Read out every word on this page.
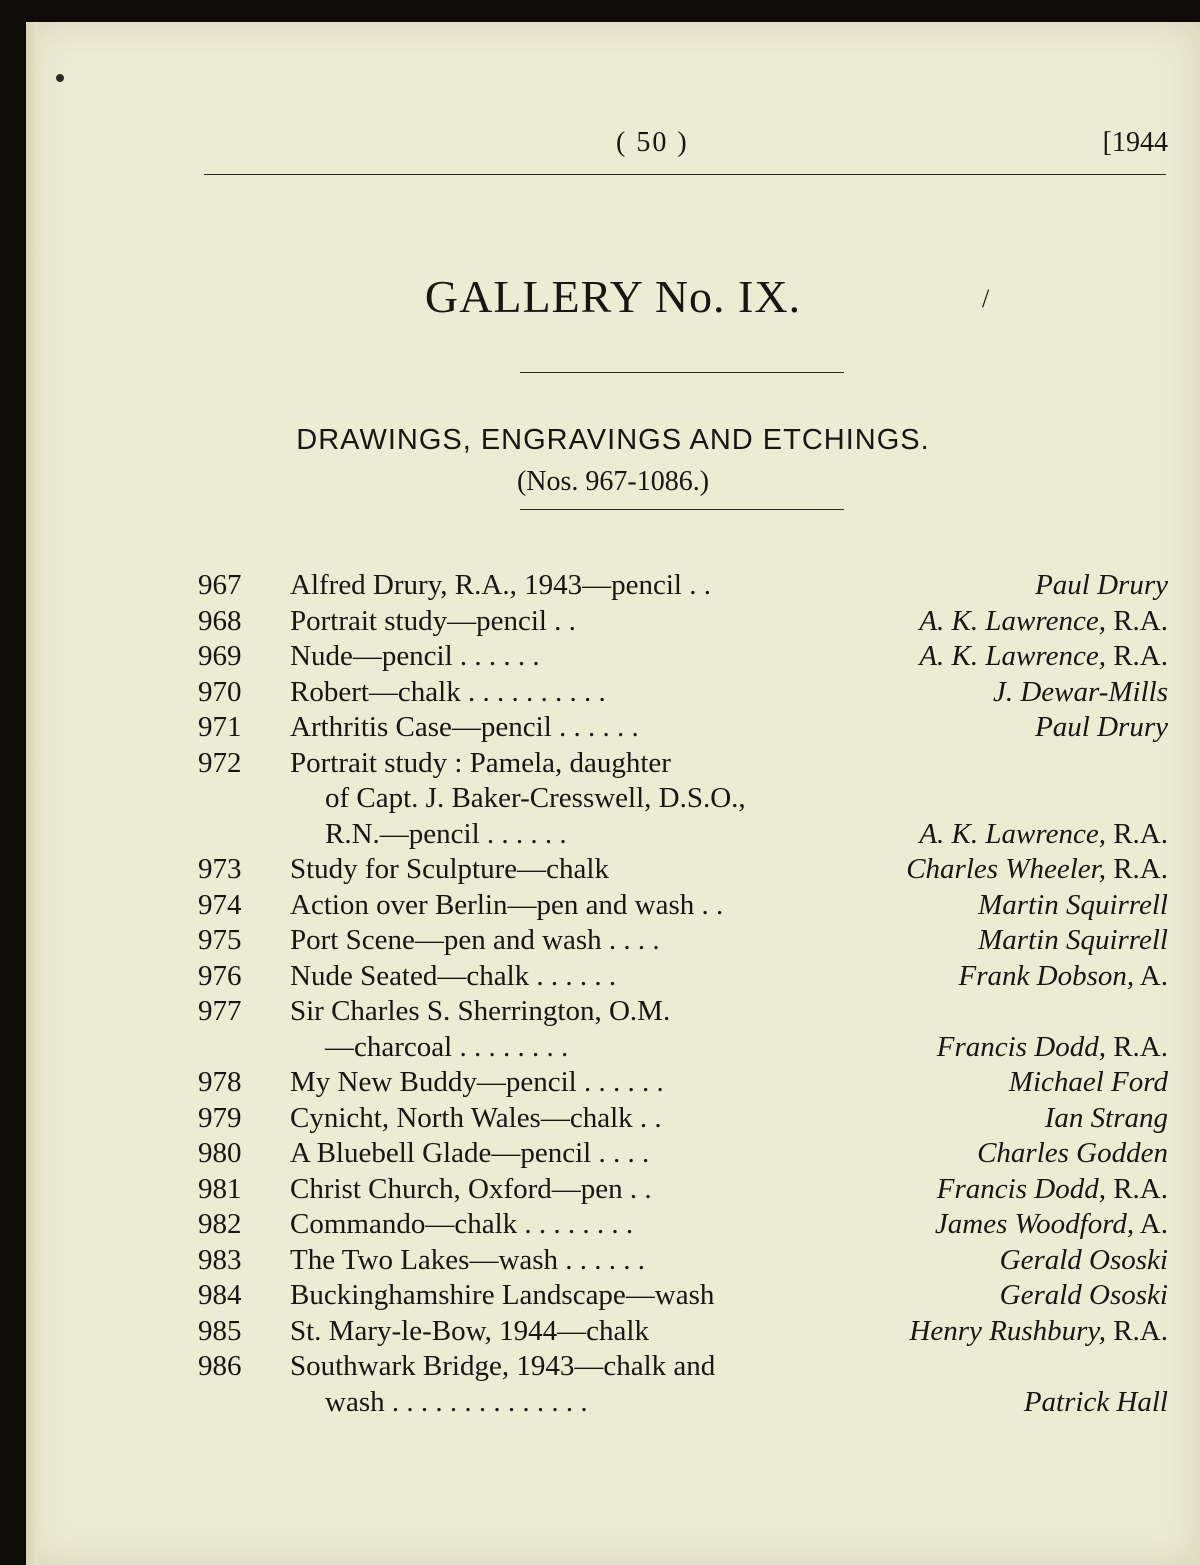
( 50 )	[1944
GALLERY No. IX.	/
DRAWINGS, ENGRAVINGS AND ETCHINGS.
(Nos. 967-1086.)
967 Alfred Drury, R.A., 1943—pencil . .	Paul Drury
968 Portrait study—pencil . .	A. K. Lawrence, R.A.
969 Nude—pencil . . . . . .	A. K. Lawrence, R.A.
970 Robert—chalk . . . . . . . . . .	J. Dewar-Mills
971 Arthritis Case—pencil . . . . . .	Paul Drury
972 Portrait study : Pamela, daughter
of Capt. J. Baker-Cresswell, D.S.O.,
R.N.—pencil . . . . . .	A. K. Lawrence, R.A.
973 Study for Sculpture—chalk	Charles Wheeler, R.A.
974 Action over Berlin—pen and wash . .	Martin Squirrell
975 Port Scene—pen and wash . . . .	Martin Squirrell
976 Nude Seated—chalk . . . . . .	Frank Dobson, A.
977 Sir Charles S. Sherrington, O.M.
—charcoal . . . . . . . .	Francis Dodd, R.A.
978 My New Buddy—pencil . . . . . .	Michael Ford
979 Cynicht, North Wales—chalk . .	Ian Strang
980 A Bluebell Glade—pencil . . . .	Charles Godden
981 Christ Church, Oxford—pen . .	Francis Dodd, R.A.
982 Commando—chalk . . . . . . . .	James Woodford, A.
983 The Two Lakes—wash . . . . . .	Gerald Ososki
984 Buckinghamshire Landscape—wash	Gerald Ososki
985 St. Mary-le-Bow, 1944—chalk	Henry Rushbury, R.A.
986 Southwark Bridge, 1943—chalk and
wash . . . . . . . . . . . . . .	Patrick Hall
